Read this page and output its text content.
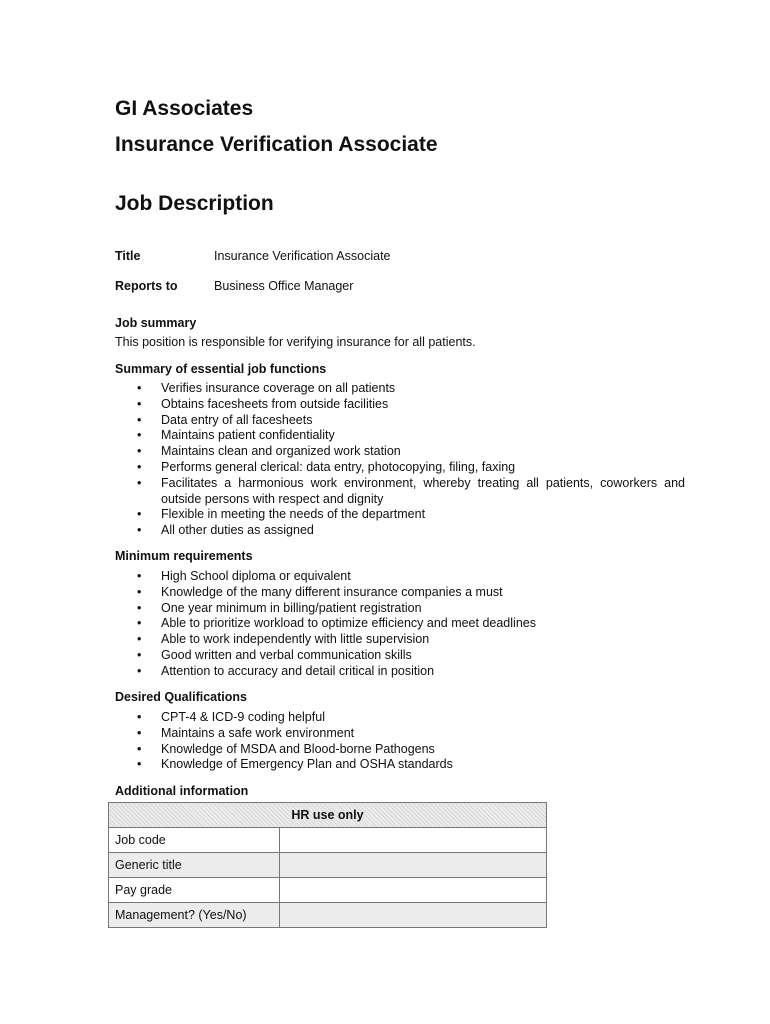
GI Associates
Insurance Verification Associate
Job Description
Title	Insurance Verification Associate
Reports to	Business Office Manager
Job summary
This position is responsible for verifying insurance for all patients.
Summary of essential job functions
• Verifies insurance coverage on all patients
• Obtains facesheets from outside facilities
• Data entry of all facesheets
• Maintains patient confidentiality
• Maintains clean and organized work station
• Performs general clerical: data entry, photocopying, filing, faxing
• Facilitates a harmonious work environment, whereby treating all patients, coworkers and outside persons with respect and dignity
• Flexible in meeting the needs of the department
• All other duties as assigned
Minimum requirements
• High School diploma or equivalent
• Knowledge of the many different insurance companies a must
• One year minimum in billing/patient registration
• Able to prioritize workload to optimize efficiency and meet deadlines
• Able to work independently with little supervision
• Good written and verbal communication skills
• Attention to accuracy and detail critical in position
Desired Qualifications
• CPT-4 & ICD-9 coding helpful
• Maintains a safe work environment
• Knowledge of MSDA and Blood-borne Pathogens
• Knowledge of Emergency Plan and OSHA standards
Additional information
HR use only	
Job code	
Generic title	
Pay grade	
Management? (Yes/No)	
